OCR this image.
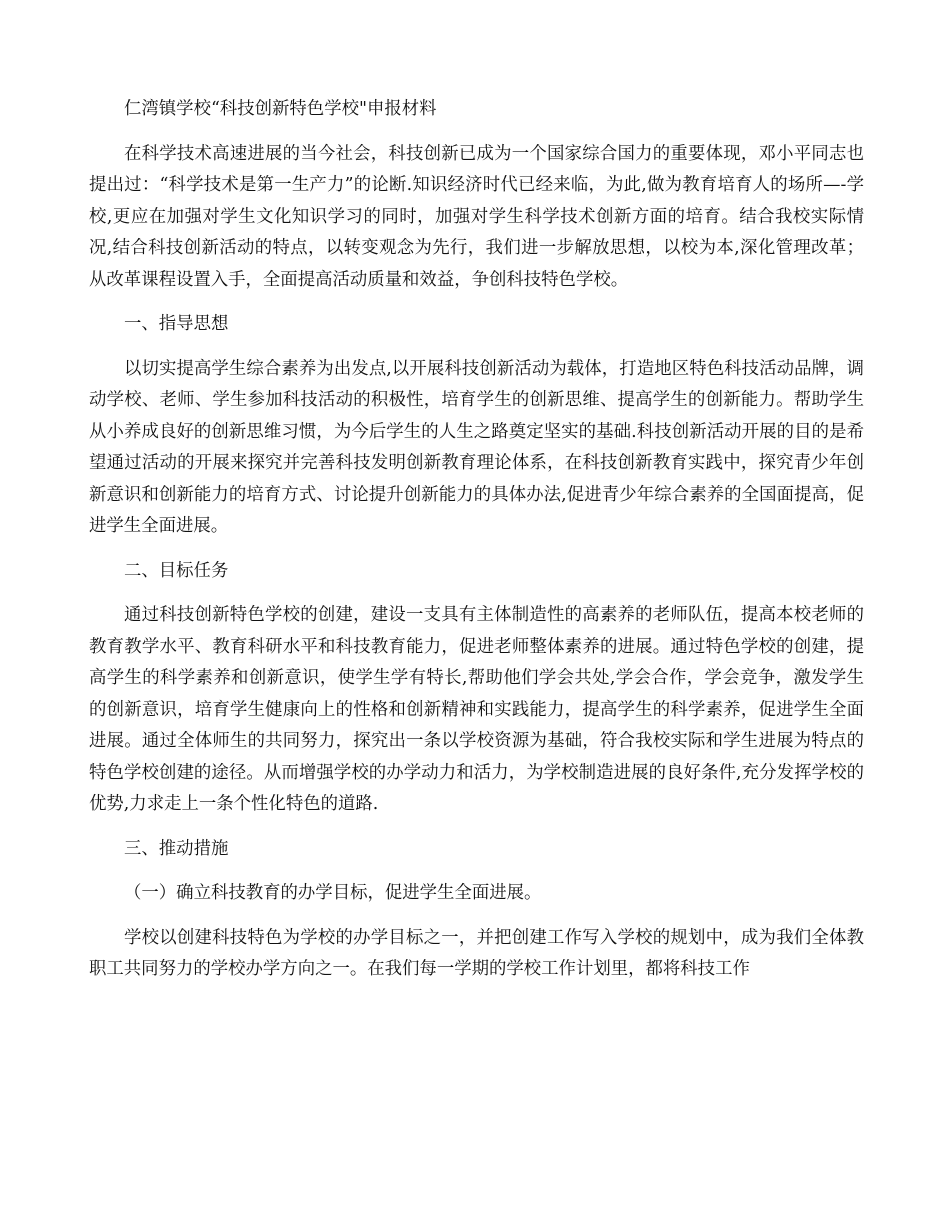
仁湾镇学校“科技创新特色学校"申报材料

在科学技术高速进展的当今社会，科技创新已成为一个国家综合国力的重要体现，邓小平同志也提出过：“科学技术是第一生产力”的论断.知识经济时代已经来临，为此,做为教育培育人的场所—-学校,更应在加强对学生文化知识学习的同时，加强对学生科学技术创新方面的培育。结合我校实际情况,结合科技创新活动的特点，以转变观念为先行，我们进一步解放思想，以校为本,深化管理改革；从改革课程设置入手，全面提高活动质量和效益，争创科技特色学校。

一、指导思想

以切实提高学生综合素养为出发点,以开展科技创新活动为载体，打造地区特色科技活动品牌，调动学校、老师、学生参加科技活动的积极性，培育学生的创新思维、提高学生的创新能力。帮助学生从小养成良好的创新思维习惯，为今后学生的人生之路奠定坚实的基础.科技创新活动开展的目的是希望通过活动的开展来探究并完善科技发明创新教育理论体系，在科技创新教育实践中，探究青少年创新意识和创新能力的培育方式、讨论提升创新能力的具体办法,促进青少年综合素养的全国面提高，促进学生全面进展。

二、目标任务

通过科技创新特色学校的创建，建设一支具有主体制造性的高素养的老师队伍，提高本校老师的教育教学水平、教育科研水平和科技教育能力，促进老师整体素养的进展。通过特色学校的创建，提高学生的科学素养和创新意识，使学生学有特长,帮助他们学会共处,学会合作，学会竞争，激发学生的创新意识，培育学生健康向上的性格和创新精神和实践能力，提高学生的科学素养，促进学生全面进展。通过全体师生的共同努力，探究出一条以学校资源为基础，符合我校实际和学生进展为特点的特色学校创建的途径。从而增强学校的办学动力和活力，为学校制造进展的良好条件,充分发挥学校的优势,力求走上一条个性化特色的道路.

三、推动措施

（一）确立科技教育的办学目标，促进学生全面进展。

学校以创建科技特色为学校的办学目标之一，并把创建工作写入学校的规划中，成为我们全体教职工共同努力的学校办学方向之一。在我们每一学期的学校工作计划里，都将科技工作
